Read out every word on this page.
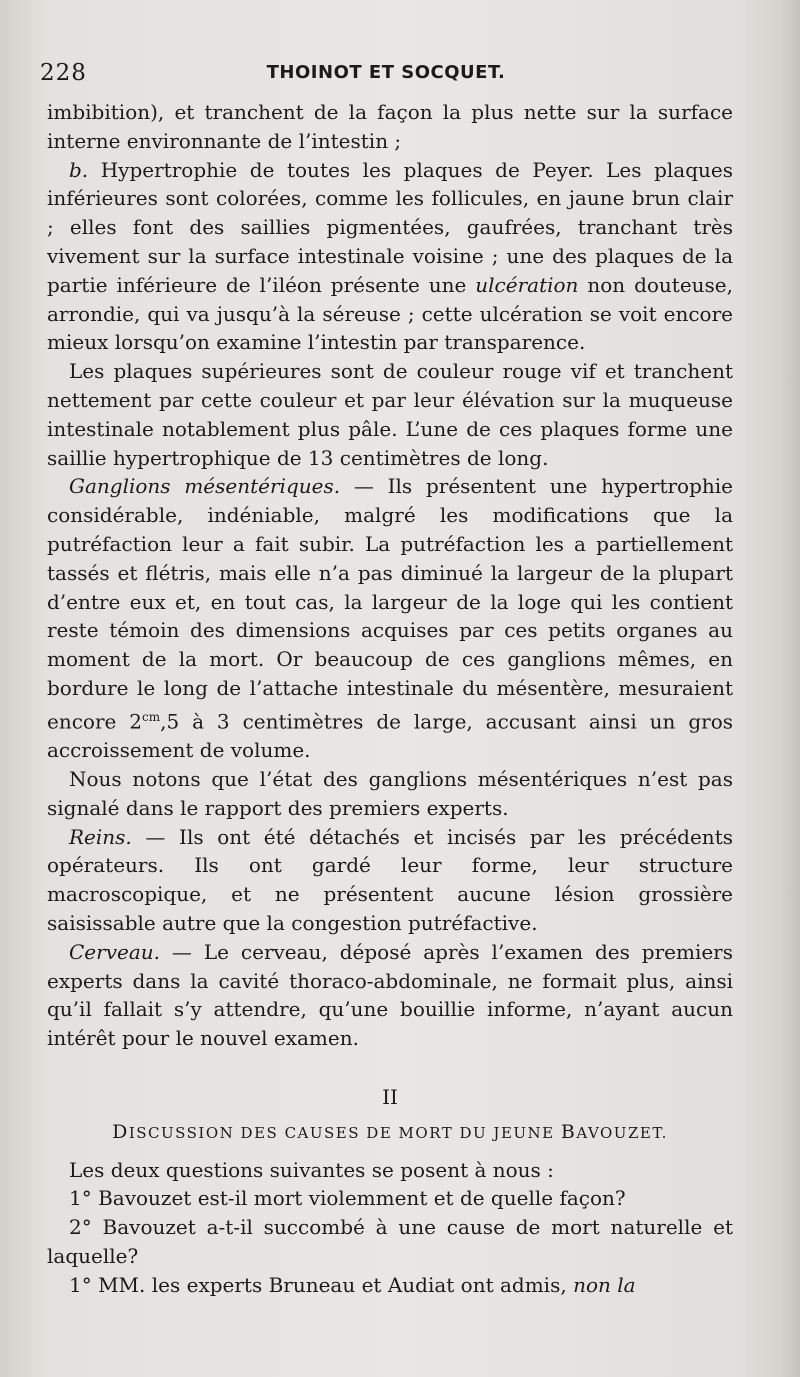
228	THOINOT ET SOCQUET.

imbibition), et tranchent de la façon la plus nette sur la surface interne environnante de l’intestin ;

b. Hypertrophie de toutes les plaques de Peyer. Les plaques inférieures sont colorées, comme les follicules, en jaune brun clair ; elles font des saillies pigmentées, gaufrées, tranchant très vivement sur la surface intestinale voisine ; une des plaques de la partie inférieure de l’iléon présente une ulcération non douteuse, arrondie, qui va jusqu’à la séreuse ; cette ulcération se voit encore mieux lorsqu’on examine l’intestin par transparence.

Les plaques supérieures sont de couleur rouge vif et tranchent nettement par cette couleur et par leur élévation sur la muqueuse intestinale notablement plus pâle. L’une de ces plaques forme une saillie hypertrophique de 13 centimètres de long.

Ganglions mésentériques. — Ils présentent une hypertrophie considérable, indéniable, malgré les modifications que la putréfaction leur a fait subir. La putréfaction les a partiellement tassés et flétris, mais elle n’a pas diminué la largeur de la plupart d’entre eux et, en tout cas, la largeur de la loge qui les contient reste témoin des dimensions acquises par ces petits organes au moment de la mort. Or beaucoup de ces ganglions mêmes, en bordure le long de l’attache intestinale du mésentère, mesuraient encore $2^{cm},5$ à 3 centimètres de large, accusant ainsi un gros accroissement de volume.

Nous notons que l’état des ganglions mésentériques n’est pas signalé dans le rapport des premiers experts.

Reins. — Ils ont été détachés et incisés par les précédents opérateurs. Ils ont gardé leur forme, leur structure macroscopique, et ne présentent aucune lésion grossière saisissable autre que la congestion putréfactive.

Cerveau. — Le cerveau, déposé après l’examen des premiers experts dans la cavité thoraco-abdominale, ne formait plus, ainsi qu’il fallait s’y attendre, qu’une bouillie informe, n’ayant aucun intérêt pour le nouvel examen.

II

DISCUSSION DES CAUSES DE MORT DU JEUNE BAVOUZET.

Les deux questions suivantes se posent à nous :

1° Bavouzet est-il mort violemment et de quelle façon?

2° Bavouzet a-t-il succombé à une cause de mort naturelle et laquelle?

1° MM. les experts Bruneau et Audiat ont admis, non la
